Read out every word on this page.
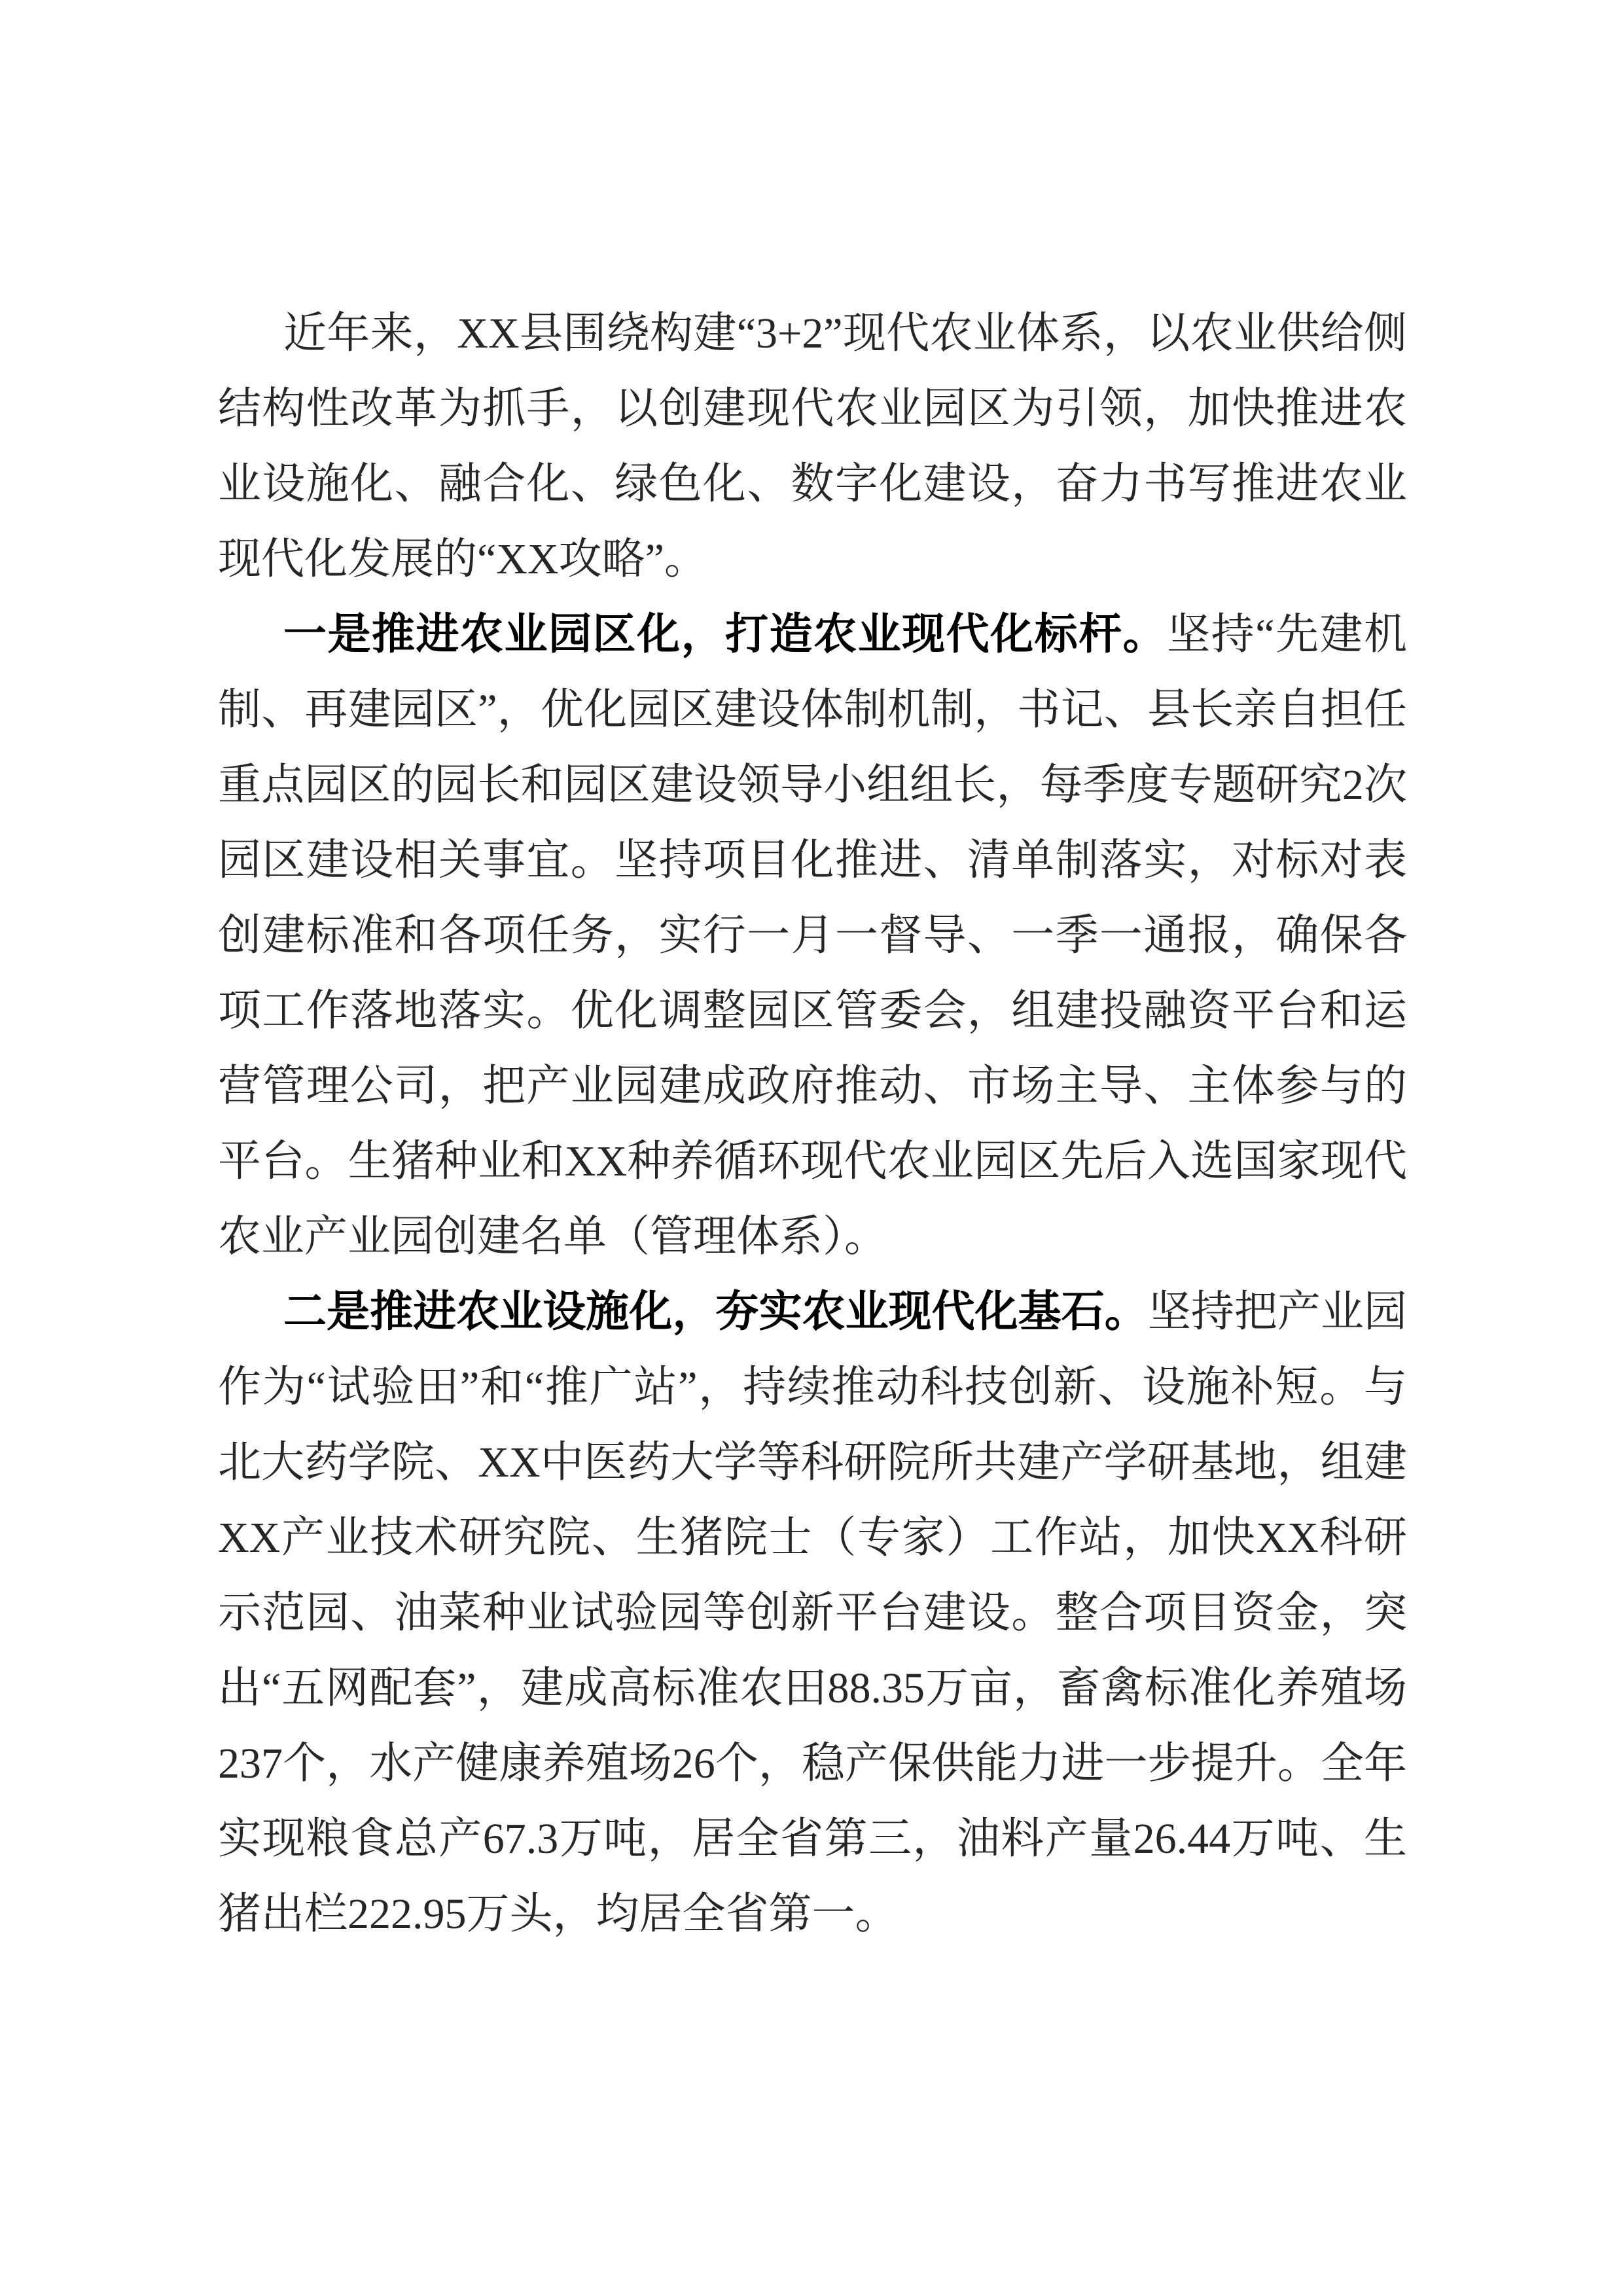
近年来，XX县围绕构建“3+2”现代农业体系，以农业供给侧结构性改革为抓手，以创建现代农业园区为引领，加快推进农业设施化、融合化、绿色化、数字化建设，奋力书写推进农业现代化发展的“XX攻略”。

一是推进农业园区化，打造农业现代化标杆。坚持“先建机制、再建园区”，优化园区建设体制机制，书记、县长亲自担任重点园区的园长和园区建设领导小组组长，每季度专题研究2次园区建设相关事宜。坚持项目化推进、清单制落实，对标对表创建标准和各项任务，实行一月一督导、一季一通报，确保各项工作落地落实。优化调整园区管委会，组建投融资平台和运营管理公司，把产业园建成政府推动、市场主导、主体参与的平台。生猪种业和XX种养循环现代农业园区先后入选国家现代农业产业园创建名单（管理体系）。

二是推进农业设施化，夯实农业现代化基石。坚持把产业园作为“试验田”和“推广站”，持续推动科技创新、设施补短。与北大药学院、XX中医药大学等科研院所共建产学研基地，组建XX产业技术研究院、生猪院士（专家）工作站，加快XX科研示范园、油菜种业试验园等创新平台建设。整合项目资金，突出“五网配套”，建成高标准农田88.35万亩，畜禽标准化养殖场237个，水产健康养殖场26个，稳产保供能力进一步提升。全年实现粮食总产67.3万吨，居全省第三，油料产量26.44万吨、生猪出栏222.95万头，均居全省第一。
